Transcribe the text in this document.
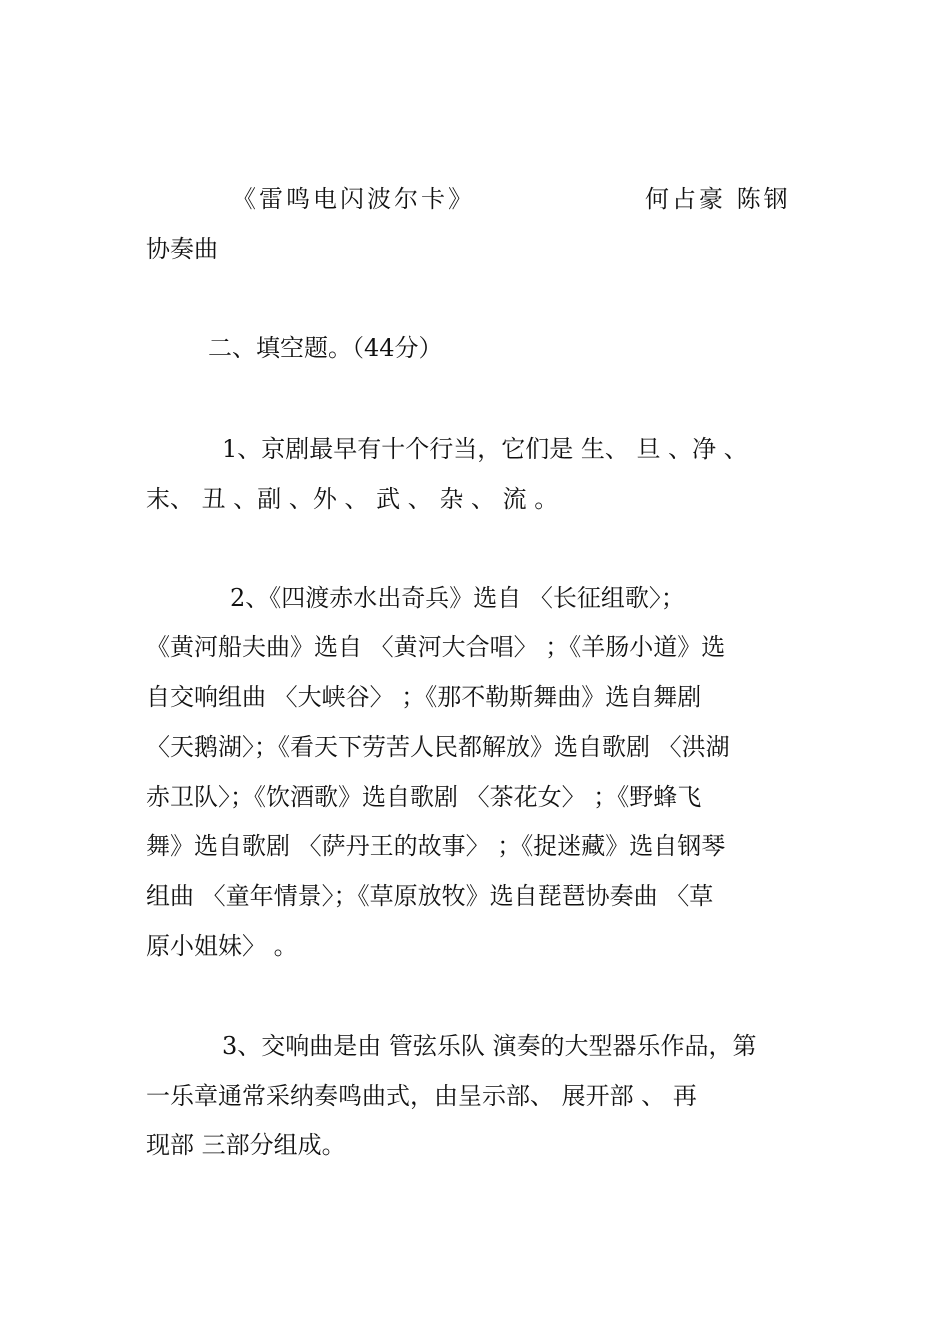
《雷鸣电闪波尔卡》	何占豪 陈钢
协奏曲
二、填空题。（44分）
1、京剧最早有十个行当，它们是 生、 旦 、净 、
末、 丑 、副 、外 、 武 、 杂 、 流 。
2、《四渡赤水出奇兵》选自 〈长征组歌〉；
《黄河船夫曲》选自 〈黄河大合唱〉 ；《羊肠小道》选
自交响组曲 〈大峡谷〉 ；《那不勒斯舞曲》选自舞剧
〈天鹅湖〉；《看天下劳苦人民都解放》选自歌剧 〈洪湖
赤卫队〉；《饮酒歌》选自歌剧 〈茶花女〉 ；《野蜂飞
舞》选自歌剧 〈萨丹王的故事〉 ；《捉迷藏》选自钢琴
组曲 〈童年情景〉；《草原放牧》选自琵琶协奏曲 〈草
原小姐妹〉 。
3、交响曲是由 管弦乐队 演奏的大型器乐作品，第
一乐章通常采纳奏鸣曲式，由呈示部、 展开部 、 再
现部 三部分组成。
